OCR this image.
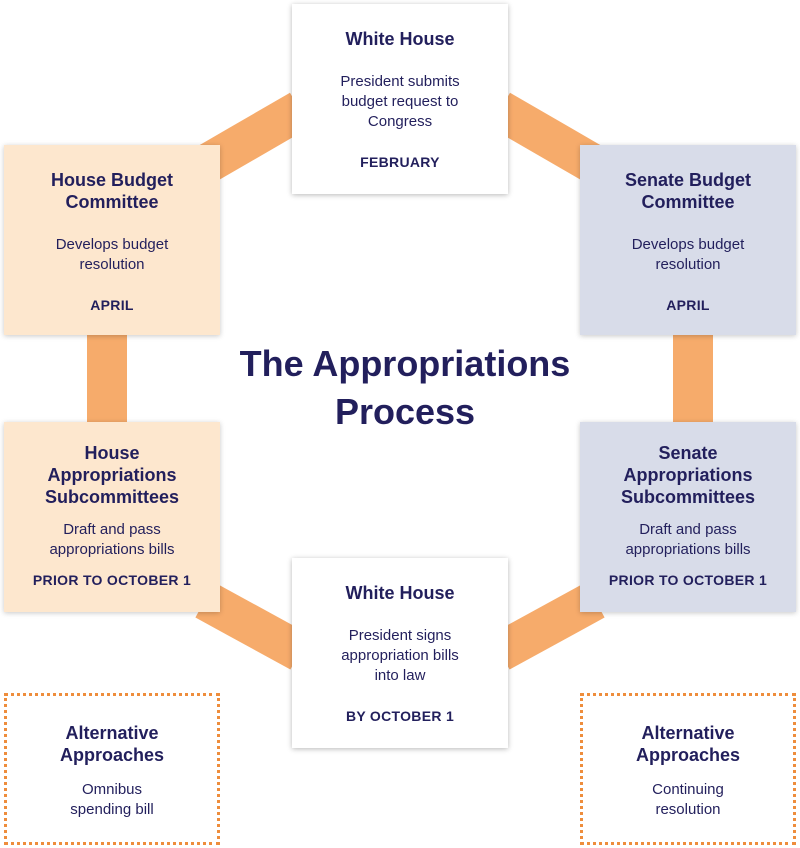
The Appropriations
Process
White House
President submits
budget request to
Congress
FEBRUARY
Senate Budget
Committee
Develops budget
resolution
APRIL
Senate
Appropriations
Subcommittees
Draft and pass
appropriations bills
PRIOR TO OCTOBER 1
White House
President signs
appropriation bills
into law
BY OCTOBER 1
House
Appropriations
Subcommittees
Draft and pass
appropriations bills
PRIOR TO OCTOBER 1
House Budget
Committee
Develops budget
resolution
APRIL
Alternative
Approaches
Omnibus
spending bill
Alternative
Approaches
Continuing
resolution
